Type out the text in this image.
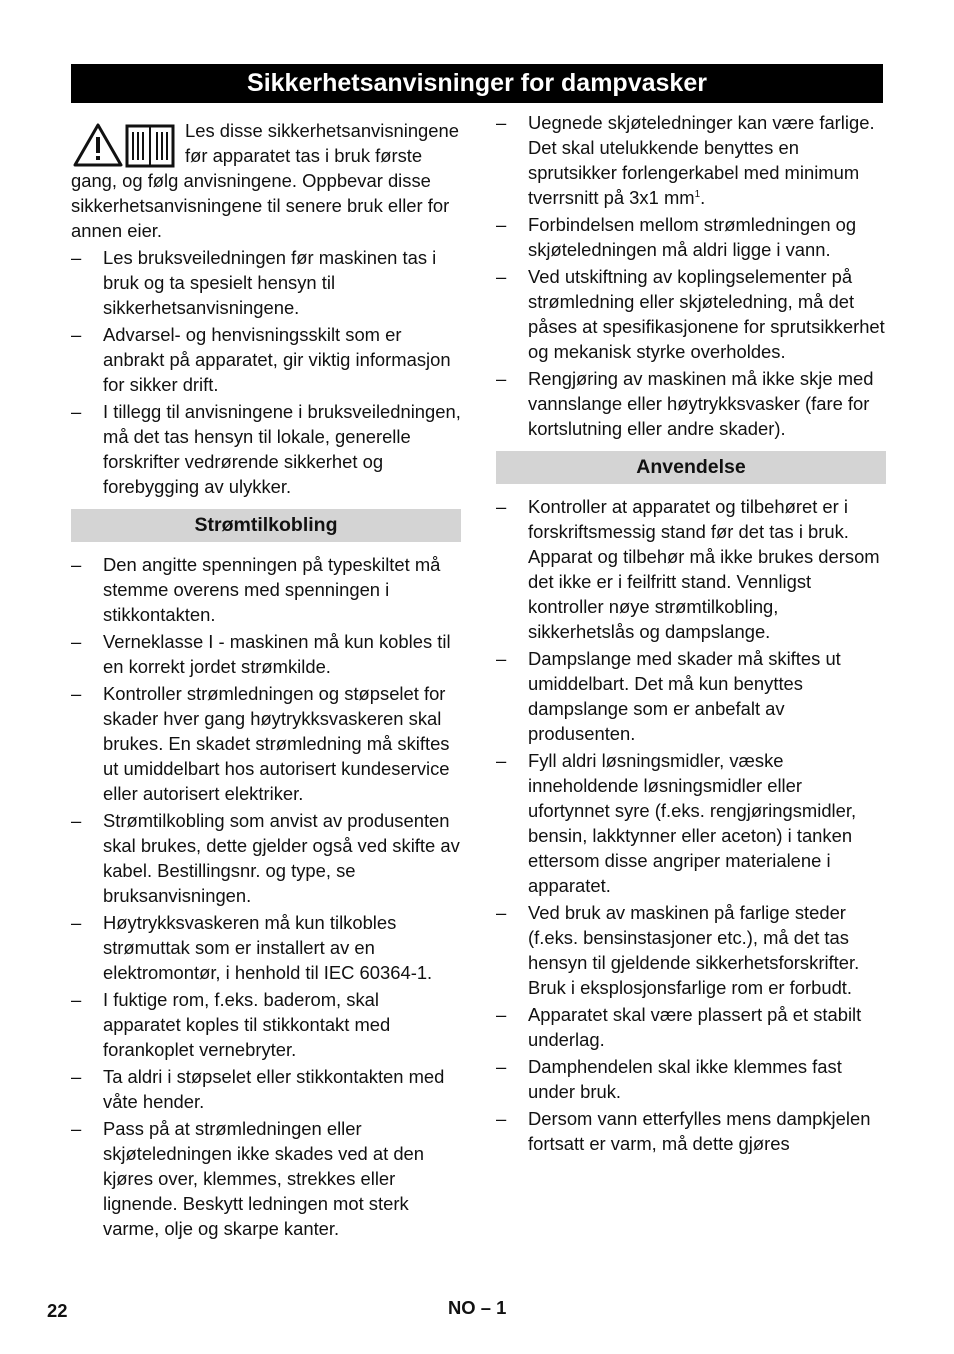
Sikkerhetsanvisninger for dampvasker

Les disse sikkerhetsanvisningene før apparatet tas i bruk første gang, og følg anvisningene. Oppbevar disse sikkerhetsanvisningene til senere bruk eller for annen eier.

–	Les bruksveiledningen før maskinen tas i bruk og ta spesielt hensyn til sikkerhetsanvisningene.
–	Advarsel- og henvisningsskilt som er anbrakt på apparatet, gir viktig informasjon for sikker drift.
–	I tillegg til anvisningene i bruksveiledningen, må det tas hensyn til lokale, generelle forskrifter vedrørende sikkerhet og forebygging av ulykker.
Strømtilkobling
–	Den angitte spenningen på typeskiltet må stemme overens med spenningen i stikkontakten.
–	Verneklasse I - maskinen må kun kobles til en korrekt jordet strømkilde.
–	Kontroller strømledningen og støpselet for skader hver gang høytrykksvaskeren skal brukes. En skadet strømledning må skiftes ut umiddelbart hos autorisert kundeservice eller autorisert elektriker.
–	Strømtilkobling som anvist av produsenten skal brukes, dette gjelder også ved skifte av kabel. Bestillingsnr. og type, se bruksanvisningen.
–	Høytrykksvaskeren må kun tilkobles strømuttak som er installert av en elektromontør, i henhold til IEC 60364-1.
–	I fuktige rom, f.eks. baderom, skal apparatet koples til stikkontakt med forankoplet vernebryter.
–	Ta aldri i støpselet eller stikkontakten med våte hender.
–	Pass på at strømledningen eller skjøteledningen ikke skades ved at den kjøres over, klemmes, strekkes eller lignende. Beskytt ledningen mot sterk varme, olje og skarpe kanter.
–	Uegnede skjøteledninger kan være farlige. Det skal utelukkende benyttes en sprutsikker forlengerkabel med minimum tverrsnitt på 3x1 $mm^1$.
–	Forbindelsen mellom strømledningen og skjøteledningen må aldri ligge i vann.
–	Ved utskiftning av koplingselementer på strømledning eller skjøteledning, må det påses at spesifikasjonene for sprutsikkerhet og mekanisk styrke overholdes.
–	Rengjøring av maskinen må ikke skje med vannslange eller høytrykksvasker (fare for kortslutning eller andre skader).
Anvendelse
–	Kontroller at apparatet og tilbehøret er i forskriftsmessig stand før det tas i bruk. Apparat og tilbehør må ikke brukes dersom det ikke er i feilfritt stand. Vennligst kontroller nøye strømtilkobling, sikkerhetslås og dampslange.
–	Dampslange med skader må skiftes ut umiddelbart. Det må kun benyttes dampslange som er anbefalt av produsenten.
–	Fyll aldri løsningsmidler, væske inneholdende løsningsmidler eller ufortynnet syre (f.eks. rengjøringsmidler, bensin, lakktynner eller aceton) i tanken ettersom disse angriper materialene i apparatet.
–	Ved bruk av maskinen på farlige steder (f.eks. bensinstasjoner etc.), må det tas hensyn til gjeldende sikkerhetsforskrifter. Bruk i eksplosjonsfarlige rom er forbudt.
–	Apparatet skal være plassert på et stabilt underlag.
–	Damphendelen skal ikke klemmes fast under bruk.
–	Dersom vann etterfylles mens dampkjelen fortsatt er varm, må dette gjøres
22	NO – 1
